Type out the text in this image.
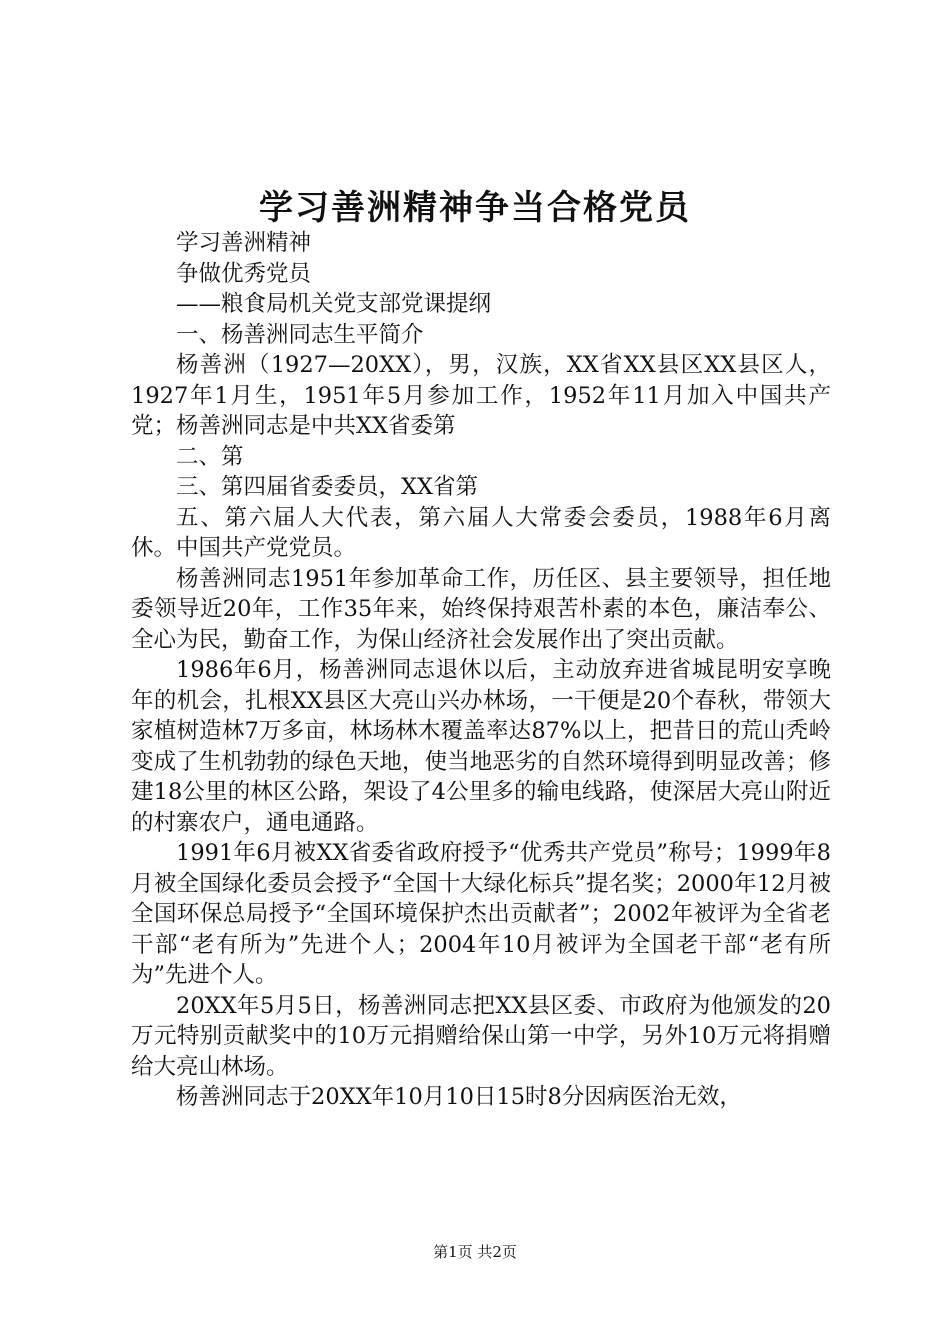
学习善洲精神争当合格党员

学习善洲精神

争做优秀党员

——粮食局机关党支部党课提纲

一、杨善洲同志生平简介

杨善洲（1927—20XX），男，汉族，XX省XX县区XX县区人，1927年1月生，1951年5月参加工作，1952年11月加入中国共产党；杨善洲同志是中共XX省委第

二、第

三、第四届省委委员，XX省第

五、第六届人大代表，第六届人大常委会委员，1988年6月离休。中国共产党党员。

杨善洲同志1951年参加革命工作，历任区、县主要领导，担任地委领导近20年，工作35年来，始终保持艰苦朴素的本色，廉洁奉公、全心为民，勤奋工作，为保山经济社会发展作出了突出贡献。

1986年6月，杨善洲同志退休以后，主动放弃进省城昆明安享晚年的机会，扎根XX县区大亮山兴办林场，一干便是20个春秋，带领大家植树造林7万多亩，林场林木覆盖率达87%以上，把昔日的荒山秃岭变成了生机勃勃的绿色天地，使当地恶劣的自然环境得到明显改善；修建18公里的林区公路，架设了4公里多的输电线路，使深居大亮山附近的村寨农户，通电通路。

1991年6月被XX省委省政府授予“优秀共产党员”称号；1999年8月被全国绿化委员会授予“全国十大绿化标兵”提名奖；2000年12月被全国环保总局授予“全国环境保护杰出贡献者”；2002年被评为全省老干部“老有所为”先进个人；2004年10月被评为全国老干部“老有所为”先进个人。

20XX年5月5日，杨善洲同志把XX县区委、市政府为他颁发的20万元特别贡献奖中的10万元捐赠给保山第一中学，另外10万元将捐赠给大亮山林场。

杨善洲同志于20XX年10月10日15时8分因病医治无效，

第1页 共2页
